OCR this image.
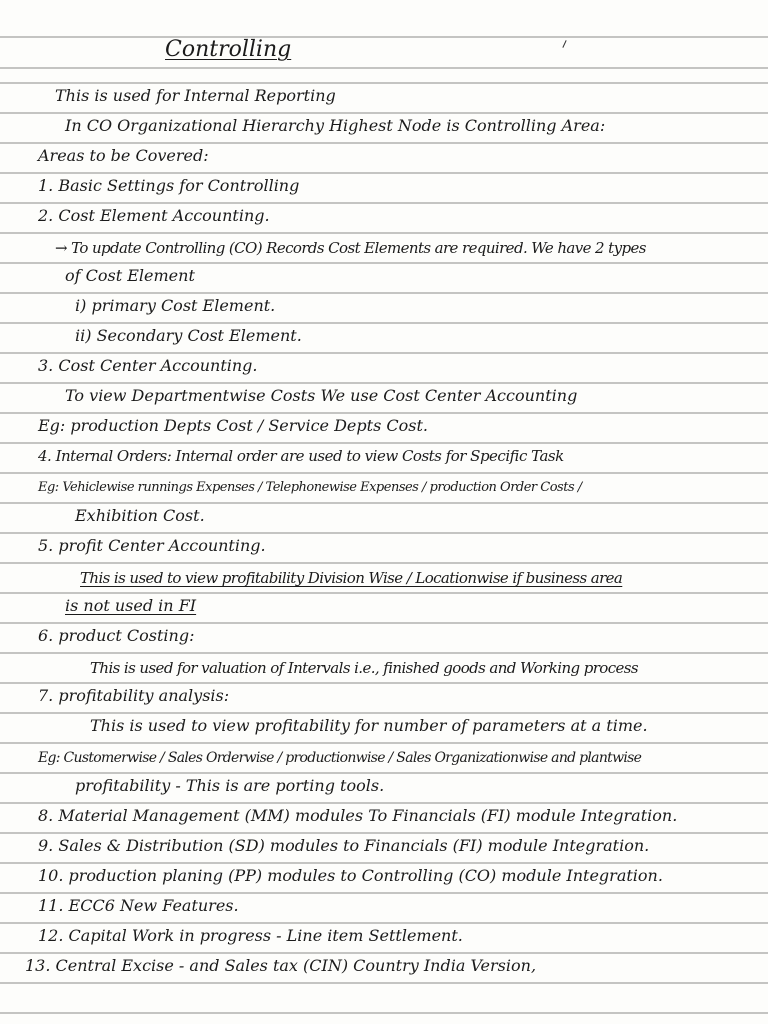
Controlling
This is used for Internal Reporting
In CO Organizational Hierarchy Highest Node is Controlling Area:
Areas to be Covered:
1. Basic Settings for Controlling
2. Cost Element Accounting.
→ To update Controlling (CO) Records Cost Elements are required. We have 2 types
of Cost Element
i) primary Cost Element.
ii) Secondary Cost Element.
3. Cost Center Accounting.
To view Departmentwise Costs We use Cost Center Accounting
Eg: production Depts Cost / Service Depts Cost.
4. Internal Orders: Internal order are used to view Costs for Specific Task
Eg: Vehiclewise runnings Expenses / Telephonewise Expenses / production Order Costs /
Exhibition Cost.
5. profit Center Accounting.
This is used to view profitability Division Wise / Locationwise if business area
is not used in FI
6. product Costing:
This is used for valuation of Intervals i.e., finished goods and Working process
7. profitability analysis:
This is used to view profitability for number of parameters at a time.
Eg: Customerwise / Sales Orderwise / productionwise / Sales Organizationwise and plantwise
profitability - This is are porting tools.
8. Material Management (MM) modules To Financials (FI) module Integration.
9. Sales & Distribution (SD) modules to Financials (FI) module Integration.
10. production planing (PP) modules to Controlling (CO) module Integration.
11. ECC6 New Features.
12. Capital Work in progress - Line item Settlement.
13. Central Excise - and Sales tax (CIN) Country India Version,
